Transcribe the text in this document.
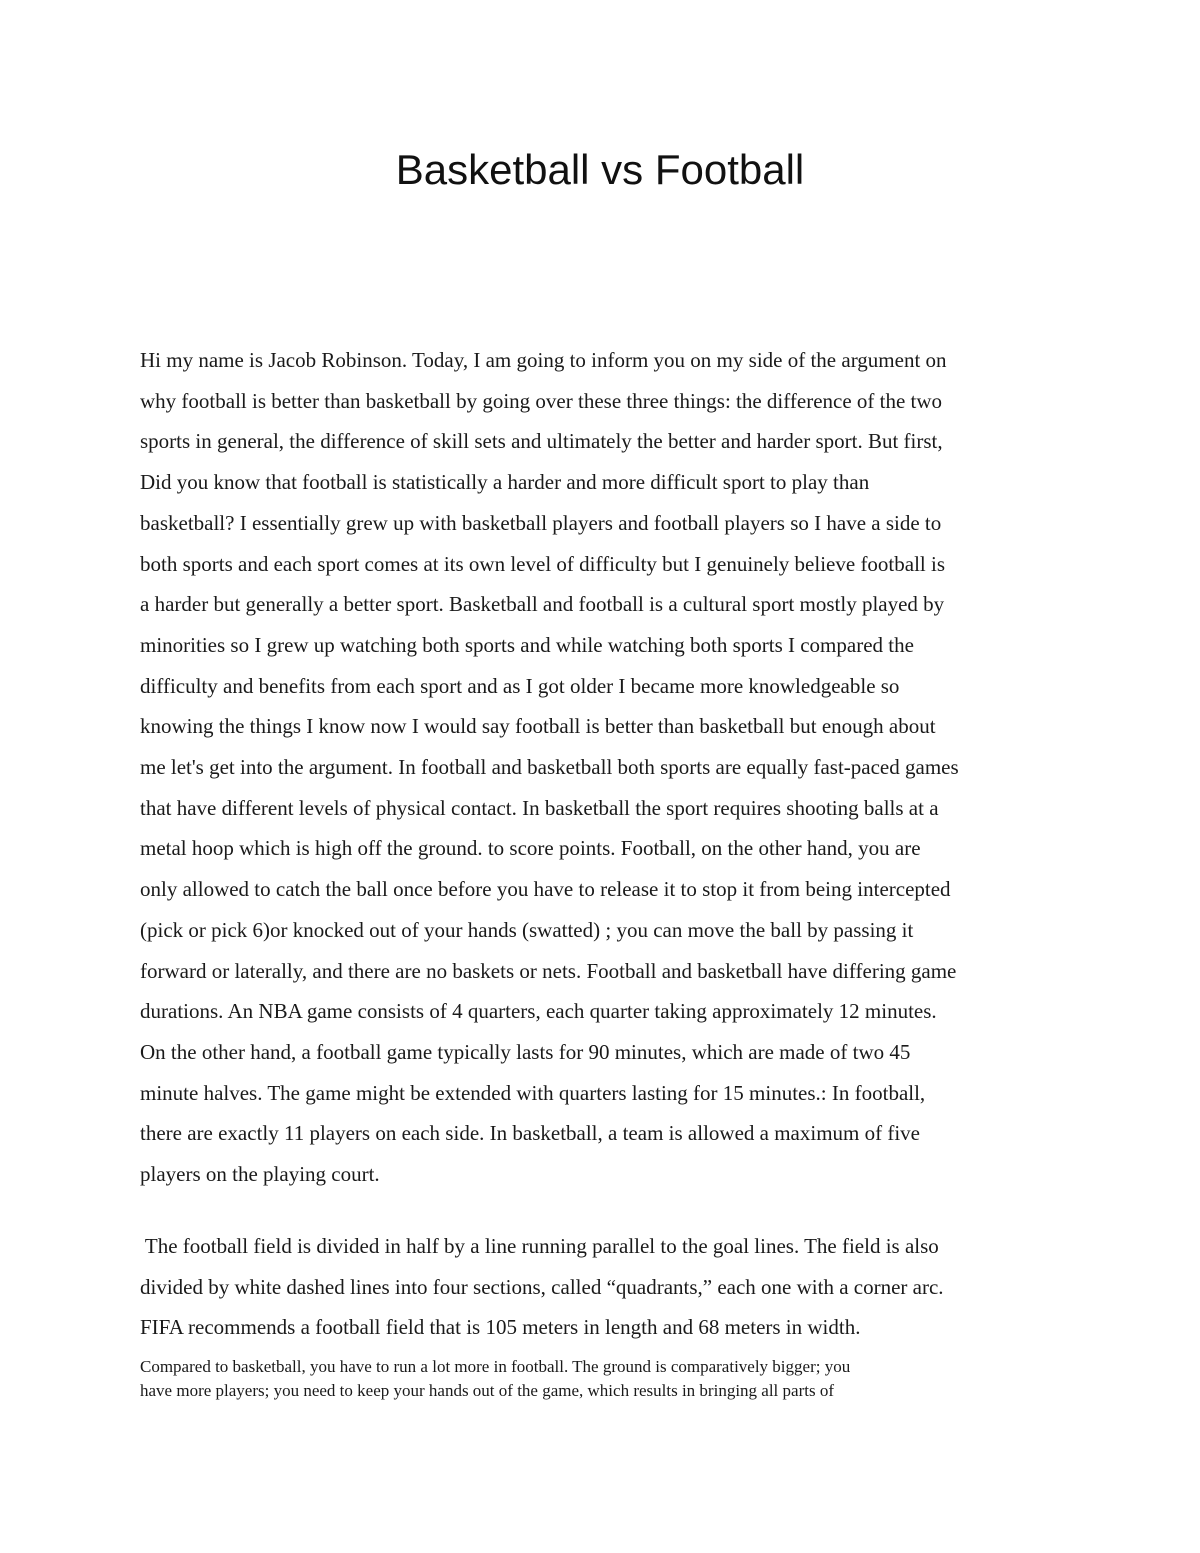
Basketball vs Football
Hi my name is Jacob Robinson. Today, I am going to inform you on my side of the argument on
why football is better than basketball by going over these three things: the difference of the two
sports in general, the difference of skill sets and ultimately the better and harder sport. But first,
Did you know that football is statistically a harder and more difficult sport to play than
basketball? I essentially grew up with basketball players and football players so I have a side to
both sports and each sport comes at its own level of difficulty but I genuinely believe football is
a harder but generally a better sport. Basketball and football is a cultural sport mostly played by
minorities so I grew up watching both sports and while watching both sports I compared the
difficulty and benefits from each sport and as I got older I became more knowledgeable so
knowing the things I know now I would say football is better than basketball but enough about
me let's get into the argument. In football and basketball both sports are equally fast-paced games
that have different levels of physical contact. In basketball the sport requires shooting balls at a
metal hoop which is high off the ground. to score points. Football, on the other hand, you are
only allowed to catch the ball once before you have to release it to stop it from being intercepted
(pick or pick 6)or knocked out of your hands (swatted) ; you can move the ball by passing it
forward or laterally, and there are no baskets or nets. Football and basketball have differing game
durations. An NBA game consists of 4 quarters, each quarter taking approximately 12 minutes.
On the other hand, a football game typically lasts for 90 minutes, which are made of two 45
minute halves. The game might be extended with quarters lasting for 15 minutes.: In football,
there are exactly 11 players on each side. In basketball, a team is allowed a maximum of five
players on the playing court.
The football field is divided in half by a line running parallel to the goal lines. The field is also
divided by white dashed lines into four sections, called “quadrants,” each one with a corner arc.
FIFA recommends a football field that is 105 meters in length and 68 meters in width.
Compared to basketball, you have to run a lot more in football. The ground is comparatively bigger; you
have more players; you need to keep your hands out of the game, which results in bringing all parts of
